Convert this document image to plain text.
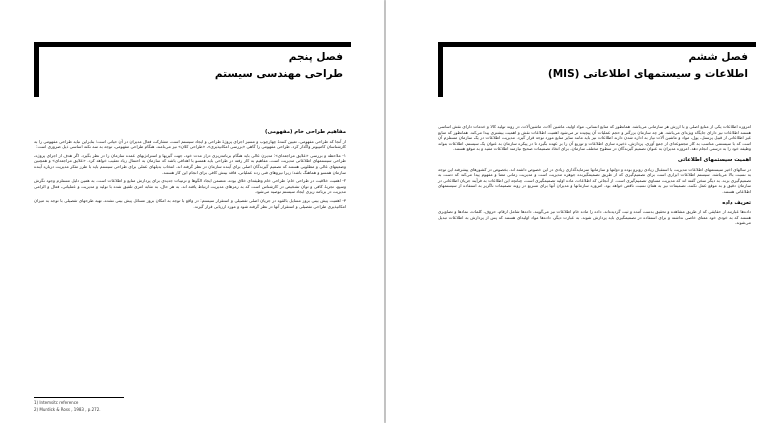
فصل پنجم
طراحی مهندسی سیستم
مفاهیم طراحی خام (مفهومی)
از آنجا که طراحی مفهومی، تعیین کنندۀ چهارچوب و مسیر اجرای پروژۀ طراحی و ایجاد سیستم است، مشارکت فعال مدیران در آن حیاتی است؛ بنابراین نباید طراحی مفهومی را به کارشناسان کامپیوتر واگذار کرد. طراحی مفهومی را گاهی «بررسی امکانپذیری»، «طراحی کلان» نیز می‌نامند. هنگام طراحی مفهومی، توجه به سه نکته اساسی ذیل ضروری است:
۱- ملاحظه و بررسی «علایق مراجعه‌ای»: مدیرن عالی باید هنگام برنامه‌ریزی دراز مدت خود، جهت گیریها و استراتژیهای عمده سازمان را در نظر بگیرد. اگر هدف از اجرای پروژه، طراحی سیستمهای اطلاعاتی مدیریت است، مفاهیم به کار رفته در طراحی باید همسو با اهدافی باشد که سازمان به احتمال زیاد تعقیب خواهد کرد. «علایق مراجعه‌ای» و همچنین وضعیتهای عالی و مطلوبی هستند که تصمیم گیرندگان اصلی برای آینده سازمان در نظر گرفته اند. انتخاب بدیلهای عملی برای طراحی سیستم باید با طرز تفکر مدیریت درباره آینده سازمان همسو و هماهنگ باشد؛ زیرا نیروهای فنی رده عملیاتی، فاقد بینش کافی برای انجام این کار هستند.
۲- اهمیت خلاقیت در طراحی خام: طراحی خام وظیفه‌ای خلاق بوده، متضمن ایجاد الگوها و ترتیبات جدیدی برای پردازش منابع و اطلاعات است. به همین دلیل مستلزم وجود نگرش وسیع، تجربۀ کافی و توان تشخیص در کارشناس است که به رمزهای مدیریت ارتباط یافته اند. به هر حال، به مثابه امری تلفیق شده با تولید و مدیریت و عملیاتی، فعال و الزامی مدیریت در برنامه ریزی ایجاد سیستم توصیه می‌شود.
۳- اهمیت پیش بینی بروز مسایل بالقوه در جریان اصلی تفصیلی و استقرار سیستم: در واقع با توجه به امکان بروز مسائل پیش بینی نشده، تهیه طرحهای تفصیلی با توجه به میزان امکانپذیری طراحی تفصیلی و استقرار آنها در نظر گرفته شود و مورد ارزیابی قرار گیرند.
1) Intemsitc reference
2) Murdick & Ross , 1983 , p.272.
فصل ششم
اطلاعات و سیستمهای اطلاعاتی (MIS)
امروزه اطلاعات یکی از منابع اصلی و با ارزش هر سازمانی می‌باشد. همانطور که منابع انسانی، مواد اولیه، ماشین آلات، ماشین‌آلات، در روند تولید کالا و خدمات دارای نقش اساسی هستند اطلاعات نیز دارای جایگاه ویژه‌ای می‌باشد. هر چه سازمان بزرگتر و حجم عملیات آن پیچیده تر می‌شود اهمیت اطلاعات نقش و اهمیت بیشتری پیدا می‌کند. همانطور که منابع غیر اطلاعاتی از قبیل پرسنل، پول، مواد و ماشین آلات نیاز به اداره شدن دارند اطلاعات نیز باید مانند سایر منابع مورد توجه قرار گیرد. مدیریت اطلاعات در یک سازمان مستلزم آن است که با سیستمی مناسب به کار مجموعه‌ای از جمع آوری، پردازش، ذخیره سازی اطلاعات و توزیع آن را بر عهده بگیرد تا در پیکره سازمان به عنوان یک سیستم، اطلاعات بتواند وظیفه خود را به درستی انجام دهد. امروزه مدیران به عنوان تصمیم گیرندگان در سطوح مختلف سازمان، برای اتخاذ تصمیمات صحیح نیازمند اطلاعات مفید و به موقع هستند.
اهمیت سیستمهای اطلاعاتی
در سالهای اخیر سیستمهای اطلاعات مدیریت با استقبال زیادی روبرو بوده و دولتها و سازمانها سرمایه‌گذاری زیادی در این خصوص داشته اند. بخصوص در کشورهای پیشرفته این توجه به نسبت بالا می‌باشد. سیستم اطلاعات ابزاری است برای تصمیم‌گیری که از طریق تصمیمگیرنده جوهره مدیریت است و مدیریت زمانی معنا و مفهوم پیدا می‌کند که دست به تصمیم‌گیری بزند. به دیگر سخن گفته اند که مدیریت مساوی تصمیم‌گیری است. از آنجائی که اطلاعات، ماده اولیه تصمیمگیری است، چنانچه این اطلاعات به فرآیند جریان اطلاعاتی در سازمان دقیق و به موقع عمل نکنند، تصمیمات نیز به همان نسبت ناقص خواهد بود. امروزه سازمانها و مدیران آنها برای تسریع در روند تصمیمات ناگزیر به استفاده از سیستمهای اطلاعاتی هستند.
تعریف داده
داده‌ها عبارتند از حقایقی که از طریق مشاهده و تحقیق بدست آمده و ثبت گردیده‌اند. داده را ماده خام اطلاعات نیز می‌گویند. داده‌ها شامل ارقام، حروف، کلمات، نمادها و تصاویری هستند که به خودی خود معنای خاصی نداشته و برای استفاده در تصمیمگیری باید پردازش شوند. به عبارت دیگر، داده‌ها مواد اولیه‌ای هستند که پس از پردازش به اطلاعات تبدیل می‌شوند.
